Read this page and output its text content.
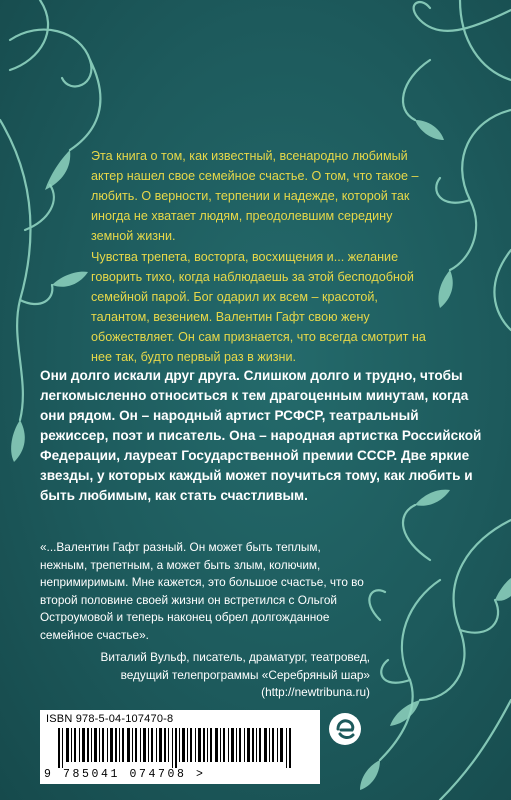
Эта книга о том, как известный, всенародно любимый актер нашел свое семейное счастье. О том, что такое – любить. О верности, терпении и надежде, которой так иногда не хватает людям, преодолевшим середину земной жизни.

Чувства трепета, восторга, восхищения и... желание говорить тихо, когда наблюдаешь за этой бесподобной семейной парой. Бог одарил их всем – красотой, талантом, везением. Валентин Гафт свою жену обожествляет. Он сам признается, что всегда смотрит на нее так, будто первый раз в жизни.

Они долго искали друг друга. Слишком долго и трудно, чтобы легкомысленно относиться к тем драгоценным минутам, когда они рядом. Он – народный артист РСФСР, театральный режиссер, поэт и писатель. Она – народная артистка Российской Федерации, лауреат Государственной премии СССР. Две яркие звезды, у которых каждый может поучиться тому, как любить и быть любимым, как стать счастливым.

«...Валентин Гафт разный. Он может быть теплым, нежным, трепетным, а может быть злым, колючим, непримиримым. Мне кажется, это большое счастье, что во второй половине своей жизни он встретился с Ольгой Остроумовой и теперь наконец обрел долгожданное семейное счастье».

Виталий Вульф, писатель, драматург, театровед,
ведущий телепрограммы «Серебряный шар»
(http://newtribuna.ru)
ISBN 978-5-04-107470-8
9 785041 074708 >
